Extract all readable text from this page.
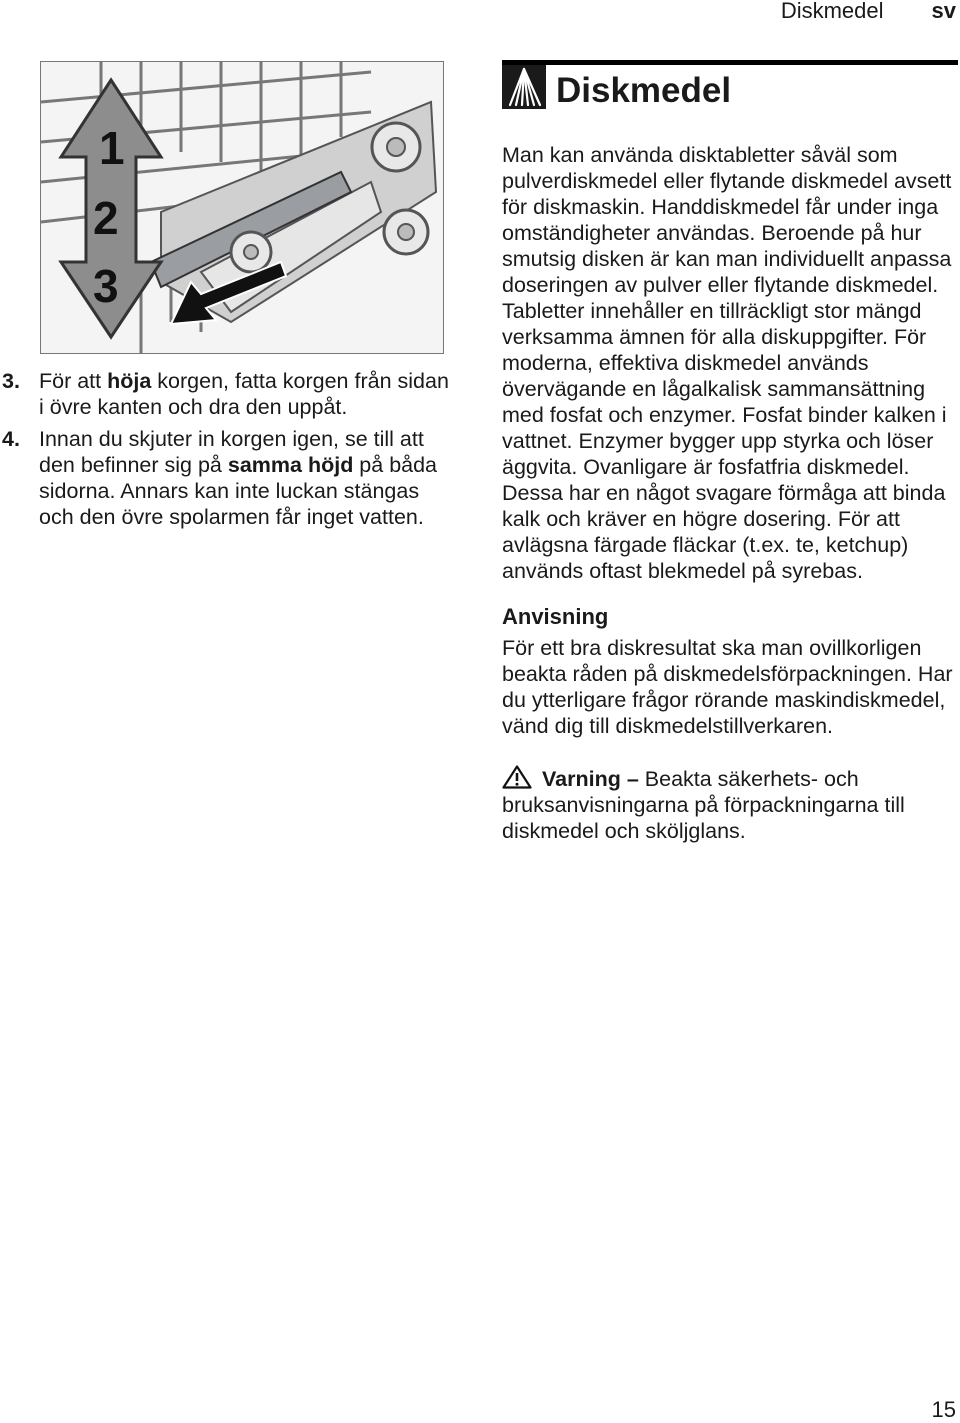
Diskmedel sv
1
2
3
3. För att höja korgen, fatta korgen från sidan i övre kanten och dra den uppåt.
4. Innan du skjuter in korgen igen, se till att den befinner sig på samma höjd på båda sidorna. Annars kan inte luckan stängas och den övre spolarmen får inget vatten.
Diskmedel

Man kan använda disktabletter såväl som pulverdiskmedel eller flytande diskmedel avsett för diskmaskin. Handdiskmedel får under inga omständigheter användas. Beroende på hur smutsig disken är kan man individuellt anpassa doseringen av pulver eller flytande diskmedel. Tabletter innehåller en tillräckligt stor mängd verksamma ämnen för alla diskuppgifter. För moderna, effektiva diskmedel används övervägande en lågalkalisk sammansättning med fosfat och enzymer. Fosfat binder kalken i vattnet. Enzymer bygger upp styrka och löser äggvita. Ovanligare är fosfatfria diskmedel. Dessa har en något svagare förmåga att binda kalk och kräver en högre dosering. För att avlägsna färgade fläckar (t.ex. te, ketchup) används oftast blekmedel på syrebas.

Anvisning

För ett bra diskresultat ska man ovillkorligen beakta råden på diskmedelsförpackningen. Har du ytterligare frågor rörande maskindiskmedel, vänd dig till diskmedelstillverkaren.

Varning – Beakta säkerhets- och bruksanvisningarna på förpackningarna till diskmedel och sköljglans.

15
